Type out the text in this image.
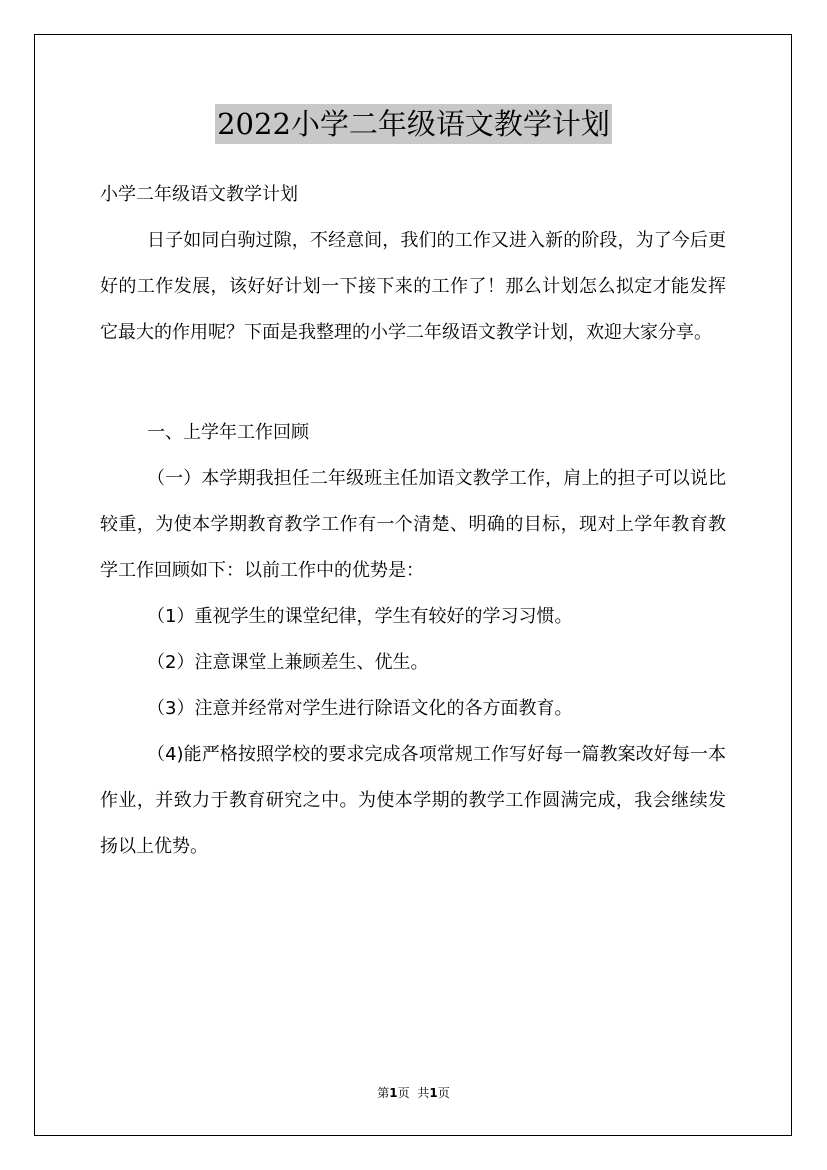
2022小学二年级语文教学计划

小学二年级语文教学计划

日子如同白驹过隙，不经意间，我们的工作又进入新的阶段，为了今后更好的工作发展，该好好计划一下接下来的工作了！那么计划怎么拟定才能发挥它最大的作用呢？下面是我整理的小学二年级语文教学计划，欢迎大家分享。

一、上学年工作回顾

（一）本学期我担任二年级班主任加语文教学工作，肩上的担子可以说比较重，为使本学期教育教学工作有一个清楚、明确的目标，现对上学年教育教学工作回顾如下：以前工作中的优势是：

（1）重视学生的课堂纪律，学生有较好的学习习惯。

（2）注意课堂上兼顾差生、优生。

（3）注意并经常对学生进行除语文化的各方面教育。

（4)能严格按照学校的要求完成各项常规工作写好每一篇教案改好每一本作业，并致力于教育研究之中。为使本学期的教学工作圆满完成，我会继续发扬以上优势。

第1页 共1页
